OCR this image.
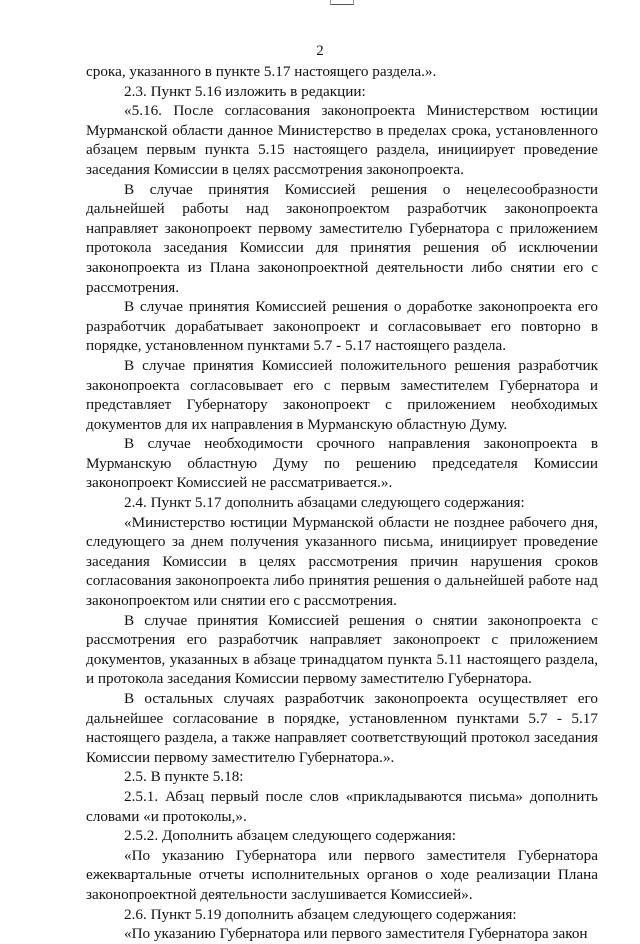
2

срока, указанного в пункте 5.17 настоящего раздела.».

2.3. Пункт 5.16 изложить в редакции:

«5.16. После согласования законопроекта Министерством юстиции Мурманской области данное Министерство в пределах срока, установленного абзацем первым пункта 5.15 настоящего раздела, инициирует проведение заседания Комиссии в целях рассмотрения законопроекта.

В случае принятия Комиссией решения о нецелесообразности дальнейшей работы над законопроектом разработчик законопроекта направляет законопроект первому заместителю Губернатора с приложением протокола заседания Комиссии для принятия решения об исключении законопроекта из Плана законопроектной деятельности либо снятии его с рассмотрения.

В случае принятия Комиссией решения о доработке законопроекта его разработчик дорабатывает законопроект и согласовывает его повторно в порядке, установленном пунктами 5.7 - 5.17 настоящего раздела.

В случае принятия Комиссией положительного решения разработчик законопроекта согласовывает его с первым заместителем Губернатора и представляет Губернатору законопроект с приложением необходимых документов для их направления в Мурманскую областную Думу.

В случае необходимости срочного направления законопроекта в Мурманскую областную Думу по решению председателя Комиссии законопроект Комиссией не рассматривается.».

2.4. Пункт 5.17 дополнить абзацами следующего содержания:

«Министерство юстиции Мурманской области не позднее рабочего дня, следующего за днем получения указанного письма, инициирует проведение заседания Комиссии в целях рассмотрения причин нарушения сроков согласования законопроекта либо принятия решения о дальнейшей работе над законопроектом или снятии его с рассмотрения.

В случае принятия Комиссией решения о снятии законопроекта с рассмотрения его разработчик направляет законопроект с приложением документов, указанных в абзаце тринадцатом пункта 5.11 настоящего раздела, и протокола заседания Комиссии первому заместителю Губернатора.

В остальных случаях разработчик законопроекта осуществляет его дальнейшее согласование в порядке, установленном пунктами 5.7 - 5.17 настоящего раздела, а также направляет соответствующий протокол заседания Комиссии первому заместителю Губернатора.».

2.5. В пункте 5.18:

2.5.1. Абзац первый после слов «прикладываются письма» дополнить словами «и протоколы,».

2.5.2. Дополнить абзацем следующего содержания:

«По указанию Губернатора или первого заместителя Губернатора ежеквартальные отчеты исполнительных органов о ходе реализации Плана законопроектной деятельности заслушивается Комиссией».

2.6. Пункт 5.19 дополнить абзацем следующего содержания:

«По указанию Губернатора или первого заместителя Губернатора закон
